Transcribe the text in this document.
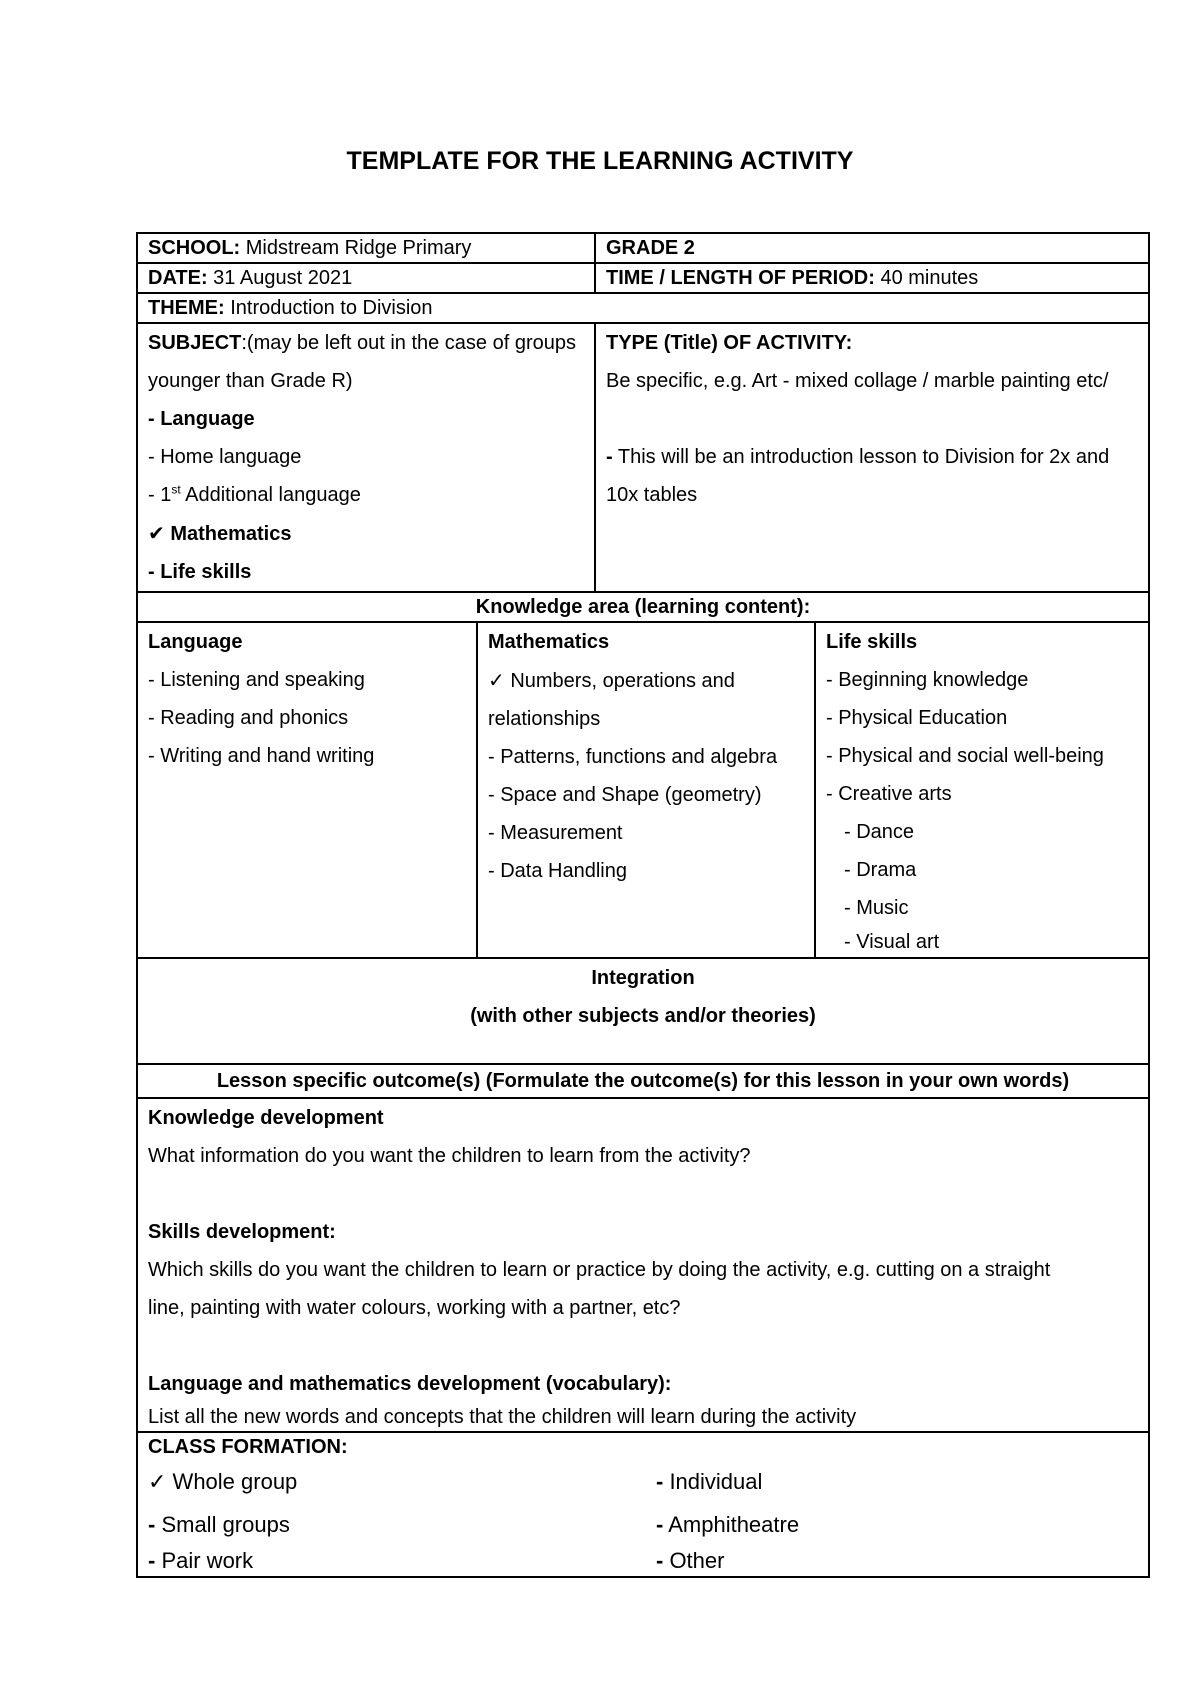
TEMPLATE FOR THE LEARNING ACTIVITY
SCHOOL: Midstream Ridge Primary	GRADE 2
DATE: 31 August 2021	TIME / LENGTH OF PERIOD: 40 minutes
THEME: Introduction to Division
SUBJECT:(may be left out in the case of groups younger than Grade R)
- Language
- Home language
- 1st Additional language
✔ Mathematics
- Life skills
TYPE (Title) OF ACTIVITY:
Be specific, e.g. Art - mixed collage / marble painting etc/
- This will be an introduction lesson to Division for 2x and 10x tables
Knowledge area (learning content):
Language
- Listening and speaking
- Reading and phonics
- Writing and hand writing
Mathematics
✓ Numbers, operations and relationships
- Patterns, functions and algebra
- Space and Shape (geometry)
- Measurement
- Data Handling
Life skills
- Beginning knowledge
- Physical Education
- Physical and social well-being
- Creative arts
- Dance
- Drama
- Music
- Visual art
Integration
(with other subjects and/or theories)
Lesson specific outcome(s) (Formulate the outcome(s) for this lesson in your own words)
Knowledge development
What information do you want the children to learn from the activity?
Skills development:
Which skills do you want the children to learn or practice by doing the activity, e.g. cutting on a straight line, painting with water colours, working with a partner, etc?
Language and mathematics development (vocabulary):
List all the new words and concepts that the children will learn during the activity
CLASS FORMATION:
✓ Whole group	- Individual
- Small groups	- Amphitheatre
- Pair work	- Other
